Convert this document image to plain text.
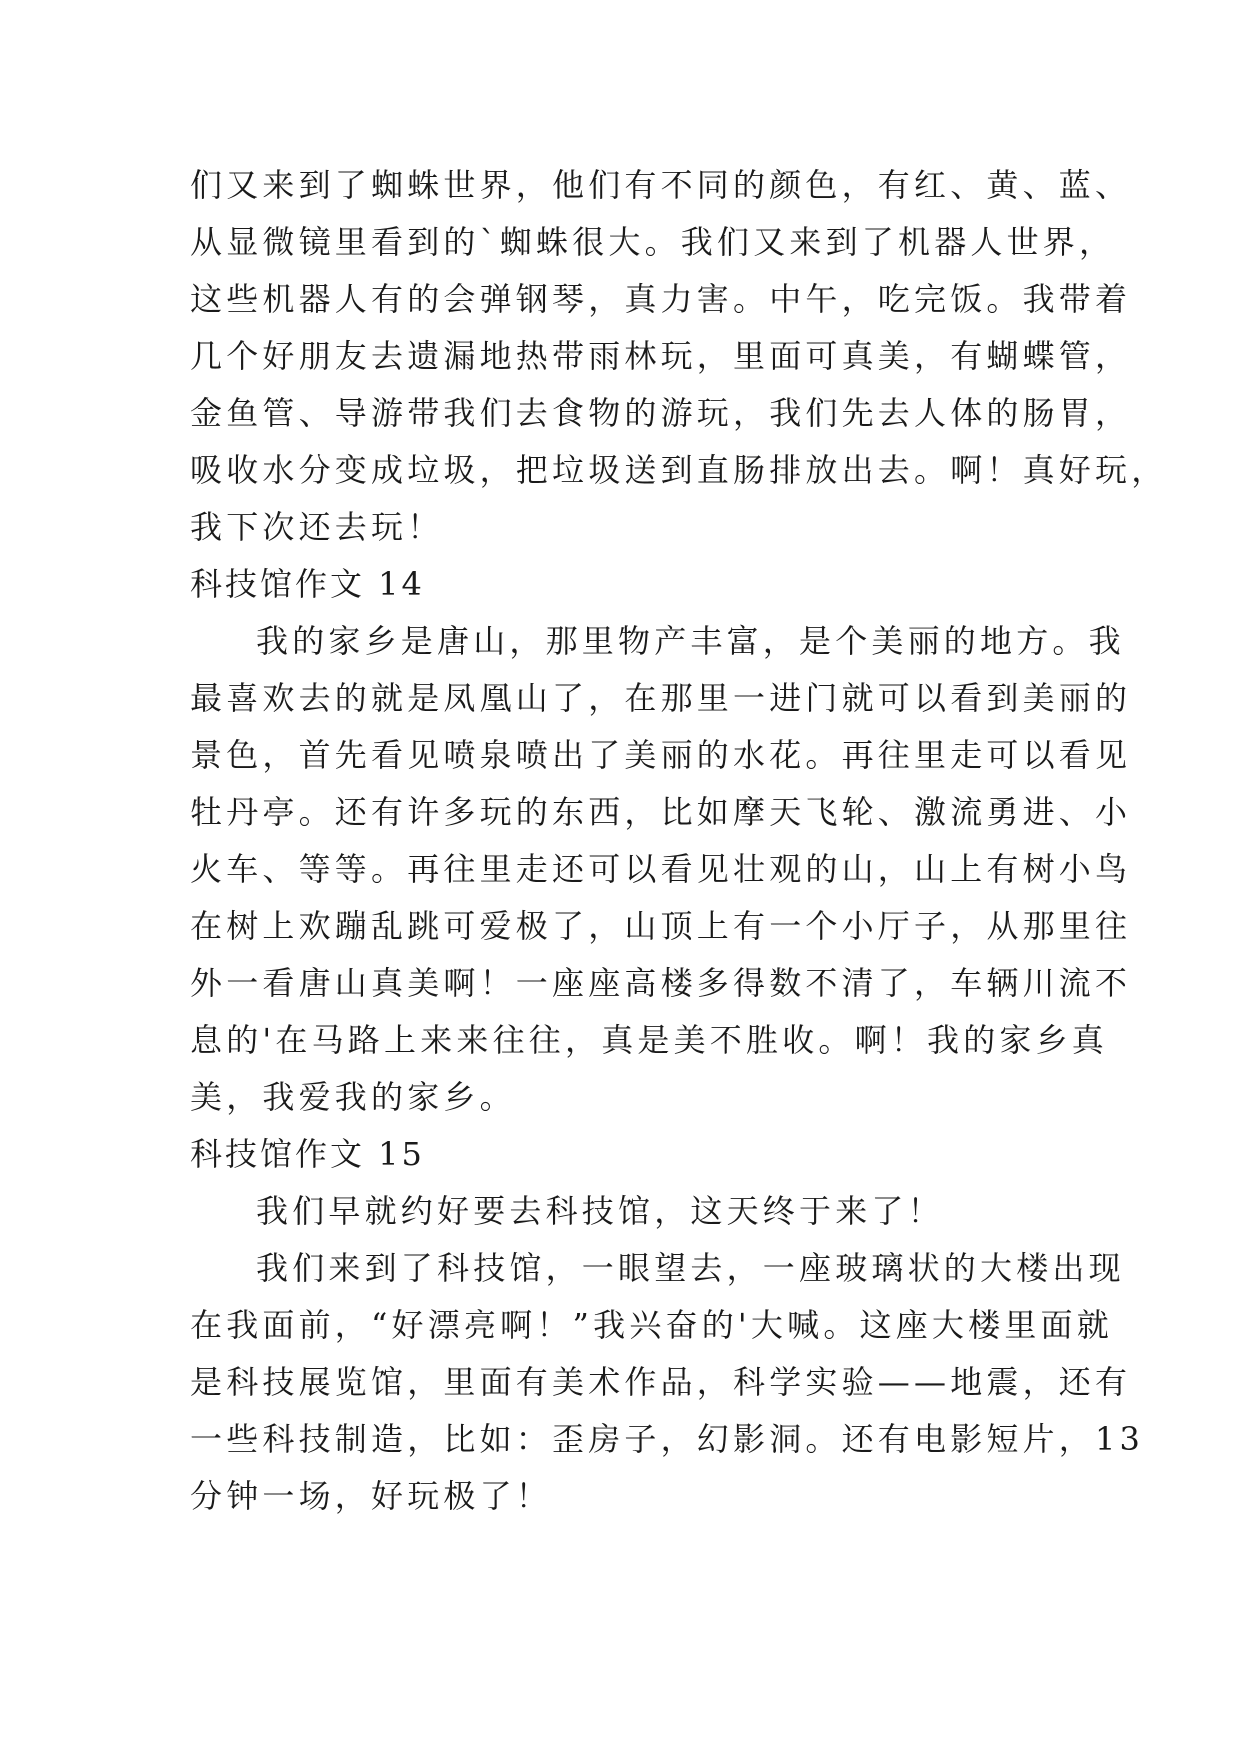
们又来到了蜘蛛世界，他们有不同的颜色，有红、黄、蓝、
从显微镜里看到的`蜘蛛很大。我们又来到了机器人世界，
这些机器人有的会弹钢琴，真力害。中午，吃完饭。我带着
几个好朋友去遗漏地热带雨林玩，里面可真美，有蝴蝶管，
金鱼管、导游带我们去食物的游玩，我们先去人体的肠胃，
吸收水分变成垃圾，把垃圾送到直肠排放出去。啊！真好玩，
我下次还去玩！
科技馆作文 14
我的家乡是唐山，那里物产丰富，是个美丽的地方。我
最喜欢去的就是凤凰山了，在那里一进门就可以看到美丽的
景色，首先看见喷泉喷出了美丽的水花。再往里走可以看见
牡丹亭。还有许多玩的东西，比如摩天飞轮、激流勇进、小
火车、等等。再往里走还可以看见壮观的山，山上有树小鸟
在树上欢蹦乱跳可爱极了，山顶上有一个小厅子，从那里往
外一看唐山真美啊！一座座高楼多得数不清了，车辆川流不
息的'在马路上来来往往，真是美不胜收。啊！我的家乡真
美，我爱我的家乡。
科技馆作文 15
我们早就约好要去科技馆，这天终于来了！
我们来到了科技馆，一眼望去，一座玻璃状的大楼出现
在我面前，“好漂亮啊！”我兴奋的'大喊。这座大楼里面就
是科技展览馆，里面有美术作品，科学实验——地震，还有
一些科技制造，比如：歪房子，幻影洞。还有电影短片，13
分钟一场，好玩极了！
